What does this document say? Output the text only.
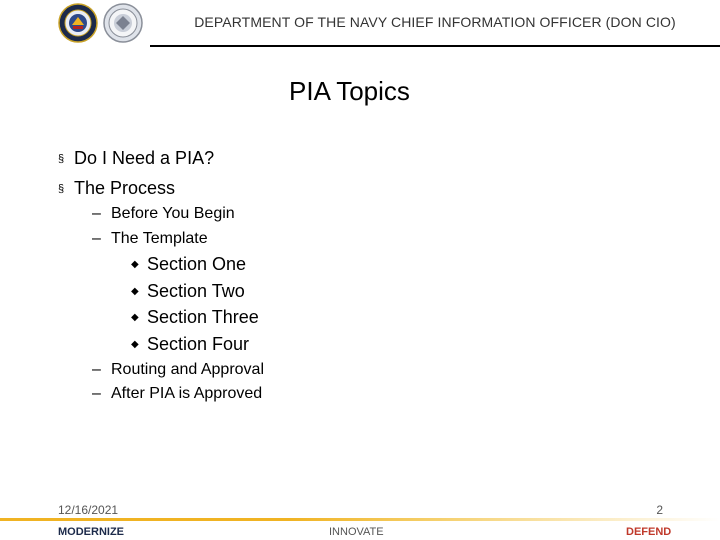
DEPARTMENT OF THE NAVY CHIEF INFORMATION OFFICER (DON CIO)
PIA Topics
§ Do I Need a PIA?
§ The Process
– Before You Begin
– The Template
◆ Section One
◆ Section Two
◆ Section Three
◆ Section Four
– Routing and Approval
– After PIA is Approved
12/16/2021	2
MODERNIZE	INNOVATE	DEFEND
